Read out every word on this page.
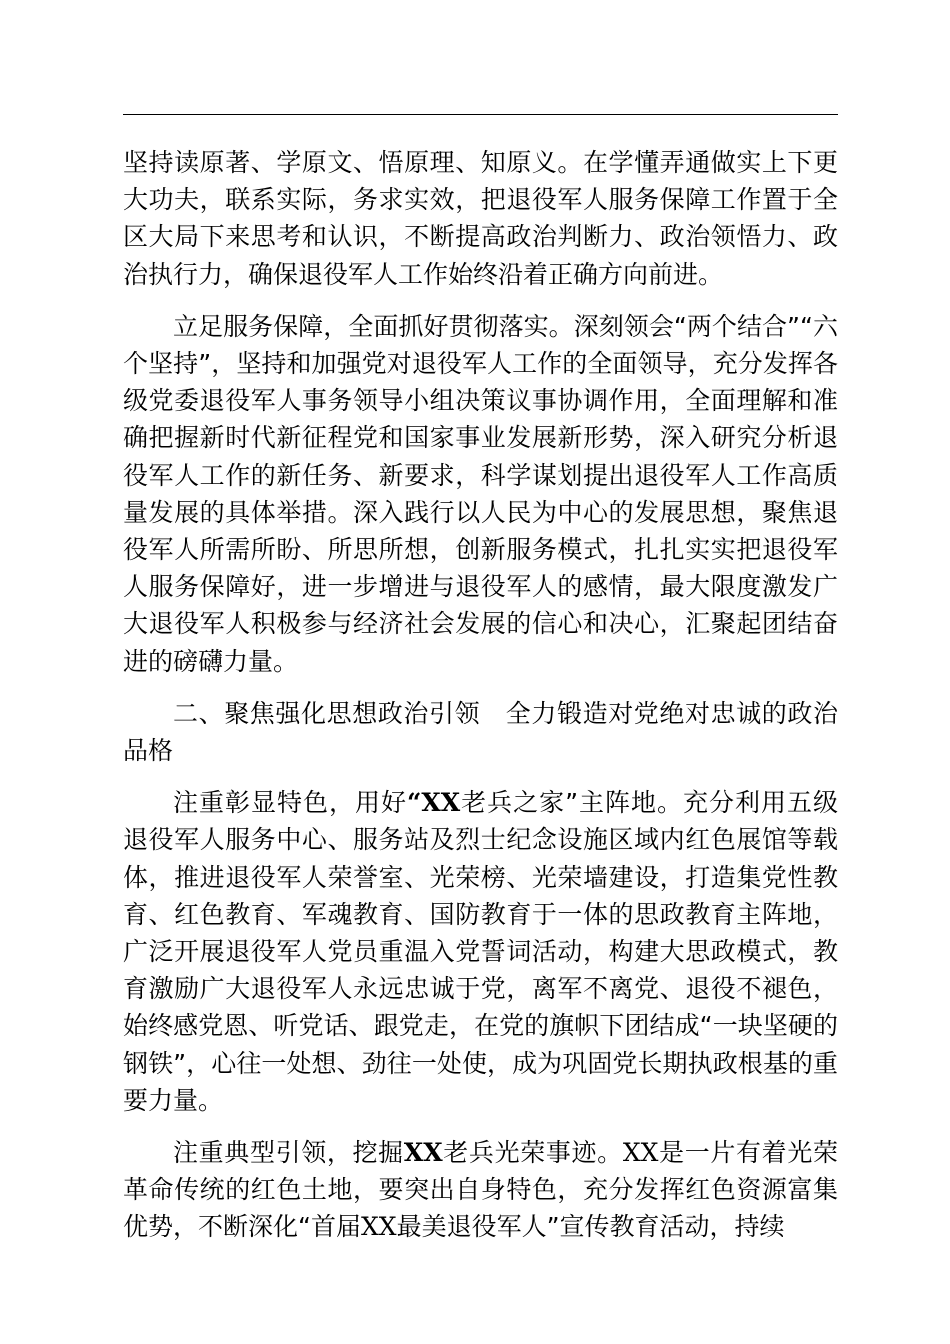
坚持读原著、学原文、悟原理、知原义。在学懂弄通做实上下更大功夫，联系实际，务求实效，把退役军人服务保障工作置于全区大局下来思考和认识，不断提高政治判断力、政治领悟力、政治执行力，确保退役军人工作始终沿着正确方向前进。

立足服务保障，全面抓好贯彻落实。深刻领会“两个结合”“六个坚持”，坚持和加强党对退役军人工作的全面领导，充分发挥各级党委退役军人事务领导小组决策议事协调作用，全面理解和准确把握新时代新征程党和国家事业发展新形势，深入研究分析退役军人工作的新任务、新要求，科学谋划提出退役军人工作高质量发展的具体举措。深入践行以人民为中心的发展思想，聚焦退役军人所需所盼、所思所想，创新服务模式，扎扎实实把退役军人服务保障好，进一步增进与退役军人的感情，最大限度激发广大退役军人积极参与经济社会发展的信心和决心，汇聚起团结奋进的磅礴力量。

二、聚焦强化思想政治引领　全力锻造对党绝对忠诚的政治品格

注重彰显特色，用好“XX老兵之家”主阵地。充分利用五级退役军人服务中心、服务站及烈士纪念设施区域内红色展馆等载体，推进退役军人荣誉室、光荣榜、光荣墙建设，打造集党性教育、红色教育、军魂教育、国防教育于一体的思政教育主阵地，广泛开展退役军人党员重温入党誓词活动，构建大思政模式，教育激励广大退役军人永远忠诚于党，离军不离党、退役不褪色，始终感党恩、听党话、跟党走，在党的旗帜下团结成“一块坚硬的钢铁”，心往一处想、劲往一处使，成为巩固党长期执政根基的重要力量。

注重典型引领，挖掘XX老兵光荣事迹。XX是一片有着光荣革命传统的红色土地，要突出自身特色，充分发挥红色资源富集优势，不断深化“首届XX最美退役军人”宣传教育活动，持续
